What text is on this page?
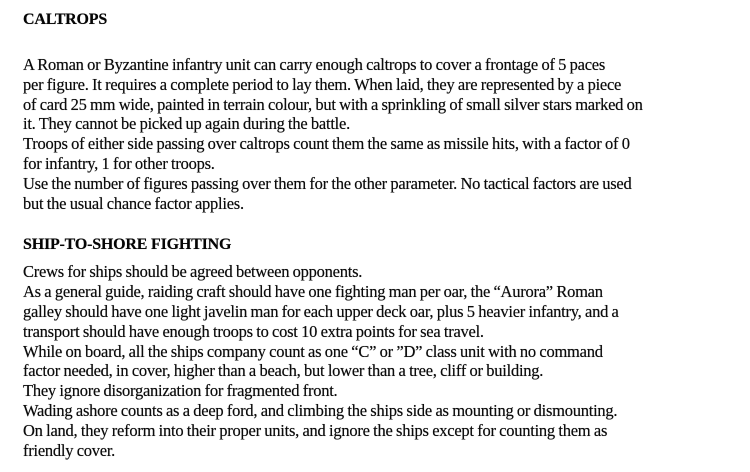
CALTROPS
A Roman or Byzantine infantry unit can carry enough caltrops to cover a frontage of 5 paces
per figure. It requires a complete period to lay them. When laid, they are represented by a piece
of card 25 mm wide, painted in terrain colour, but with a sprinkling of small silver stars marked on
it. They cannot be picked up again during the battle.
Troops of either side passing over caltrops count them the same as missile hits, with a factor of 0
for infantry, 1 for other troops.
Use the number of figures passing over them for the other parameter. No tactical factors are used
but the usual chance factor applies.
SHIP-TO-SHORE FIGHTING
Crews for ships should be agreed between opponents.
As a general guide, raiding craft should have one fighting man per oar, the “Aurora” Roman
galley should have one light javelin man for each upper deck oar, plus 5 heavier infantry, and a
transport should have enough troops to cost 10 extra points for sea travel.
While on board, all the ships company count as one “C” or ”D” class unit with no command
factor needed, in cover, higher than a beach, but lower than a tree, cliff or building.
They ignore disorganization for fragmented front.
Wading ashore counts as a deep ford, and climbing the ships side as mounting or dismounting.
On land, they reform into their proper units, and ignore the ships except for counting them as
friendly cover.
